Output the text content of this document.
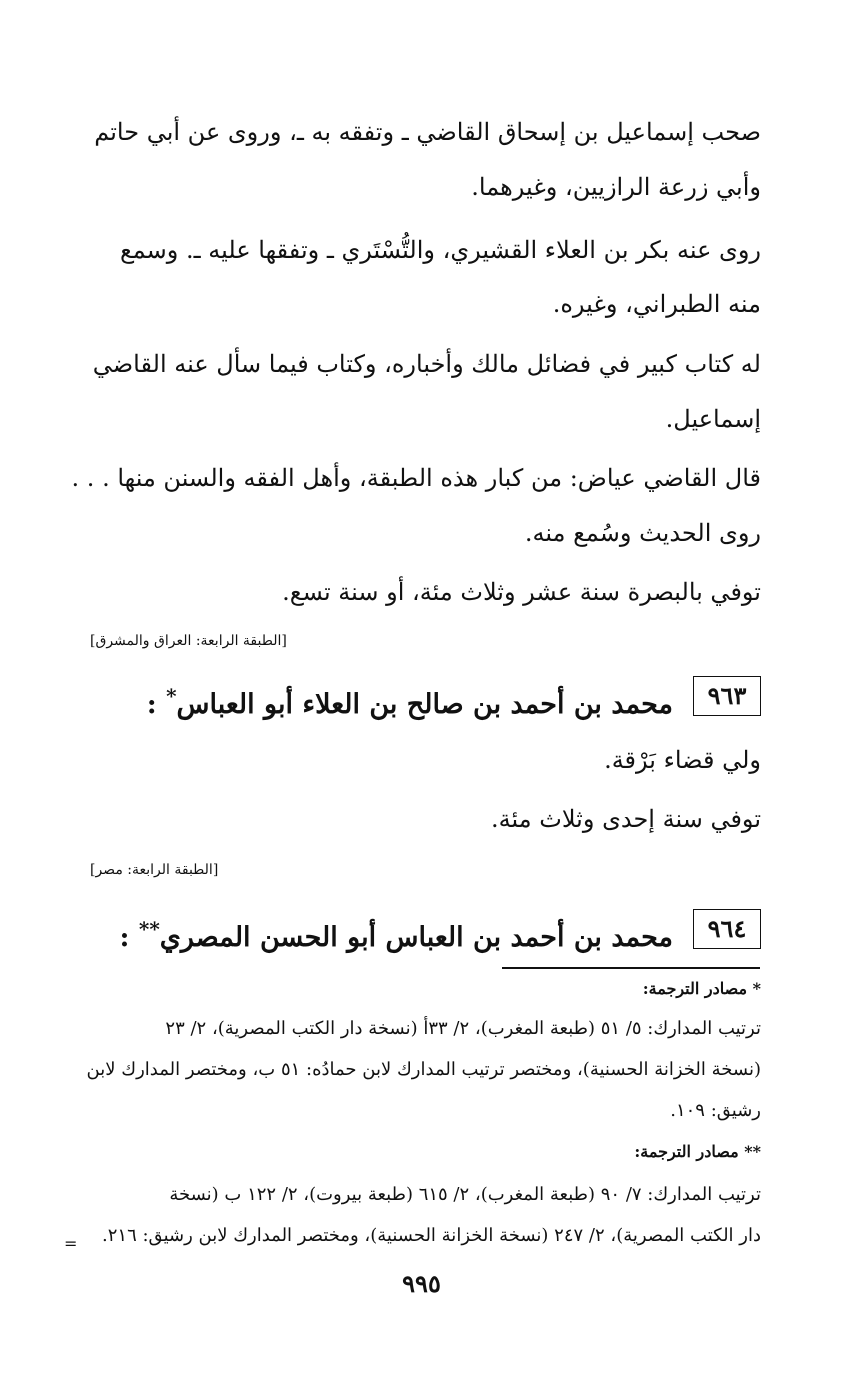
صحب إسماعيل بن إسحاق القاضي ـ وتفقه به ـ، وروى عن أبي حاتم
وأبي زرعة الرازيين، وغيرهما.
روى عنه بكر بن العلاء القشيري، والتُّسْتَري ـ وتفقها عليه ـ. وسمع
منه الطبراني، وغيره.
له كتاب كبير في فضائل مالك وأخباره، وكتاب فيما سأل عنه القاضي
إسماعيل.
قال القاضي عياض: من كبار هذه الطبقة، وأهل الفقه والسنن منها . . .
روى الحديث وسُمع منه.
توفي بالبصرة سنة عشر وثلاث مئة، أو سنة تسع.
[الطبقة الرابعة: العراق والمشرق]
٩٦٣
محمد بن أحمد بن صالح بن العلاء أبو العباس* :
ولي قضاء بَرْقة.
توفي سنة إحدى وثلاث مئة.
[الطبقة الرابعة: مصر]
٩٦٤
محمد بن أحمد بن العباس أبو الحسن المصري** :
* مصادر الترجمة:
ترتيب المدارك: ٥/ ٥١ (طبعة المغرب)، ٢/ ٣٣أ (نسخة دار الكتب المصرية)، ٢/ ٢٣
(نسخة الخزانة الحسنية)، ومختصر ترتيب المدارك لابن حمادُه: ٥١ ب، ومختصر المدارك لابن
رشيق: ١٠٩.
** مصادر الترجمة:
ترتيب المدارك: ٧/ ٩٠ (طبعة المغرب)، ٢/ ٦١٥ (طبعة بيروت)، ٢/ ١٢٢ ب (نسخة
دار الكتب المصرية)، ٢/ ٢٤٧ (نسخة الخزانة الحسنية)، ومختصر المدارك لابن رشيق: ٢١٦.
=
٩٩٥
